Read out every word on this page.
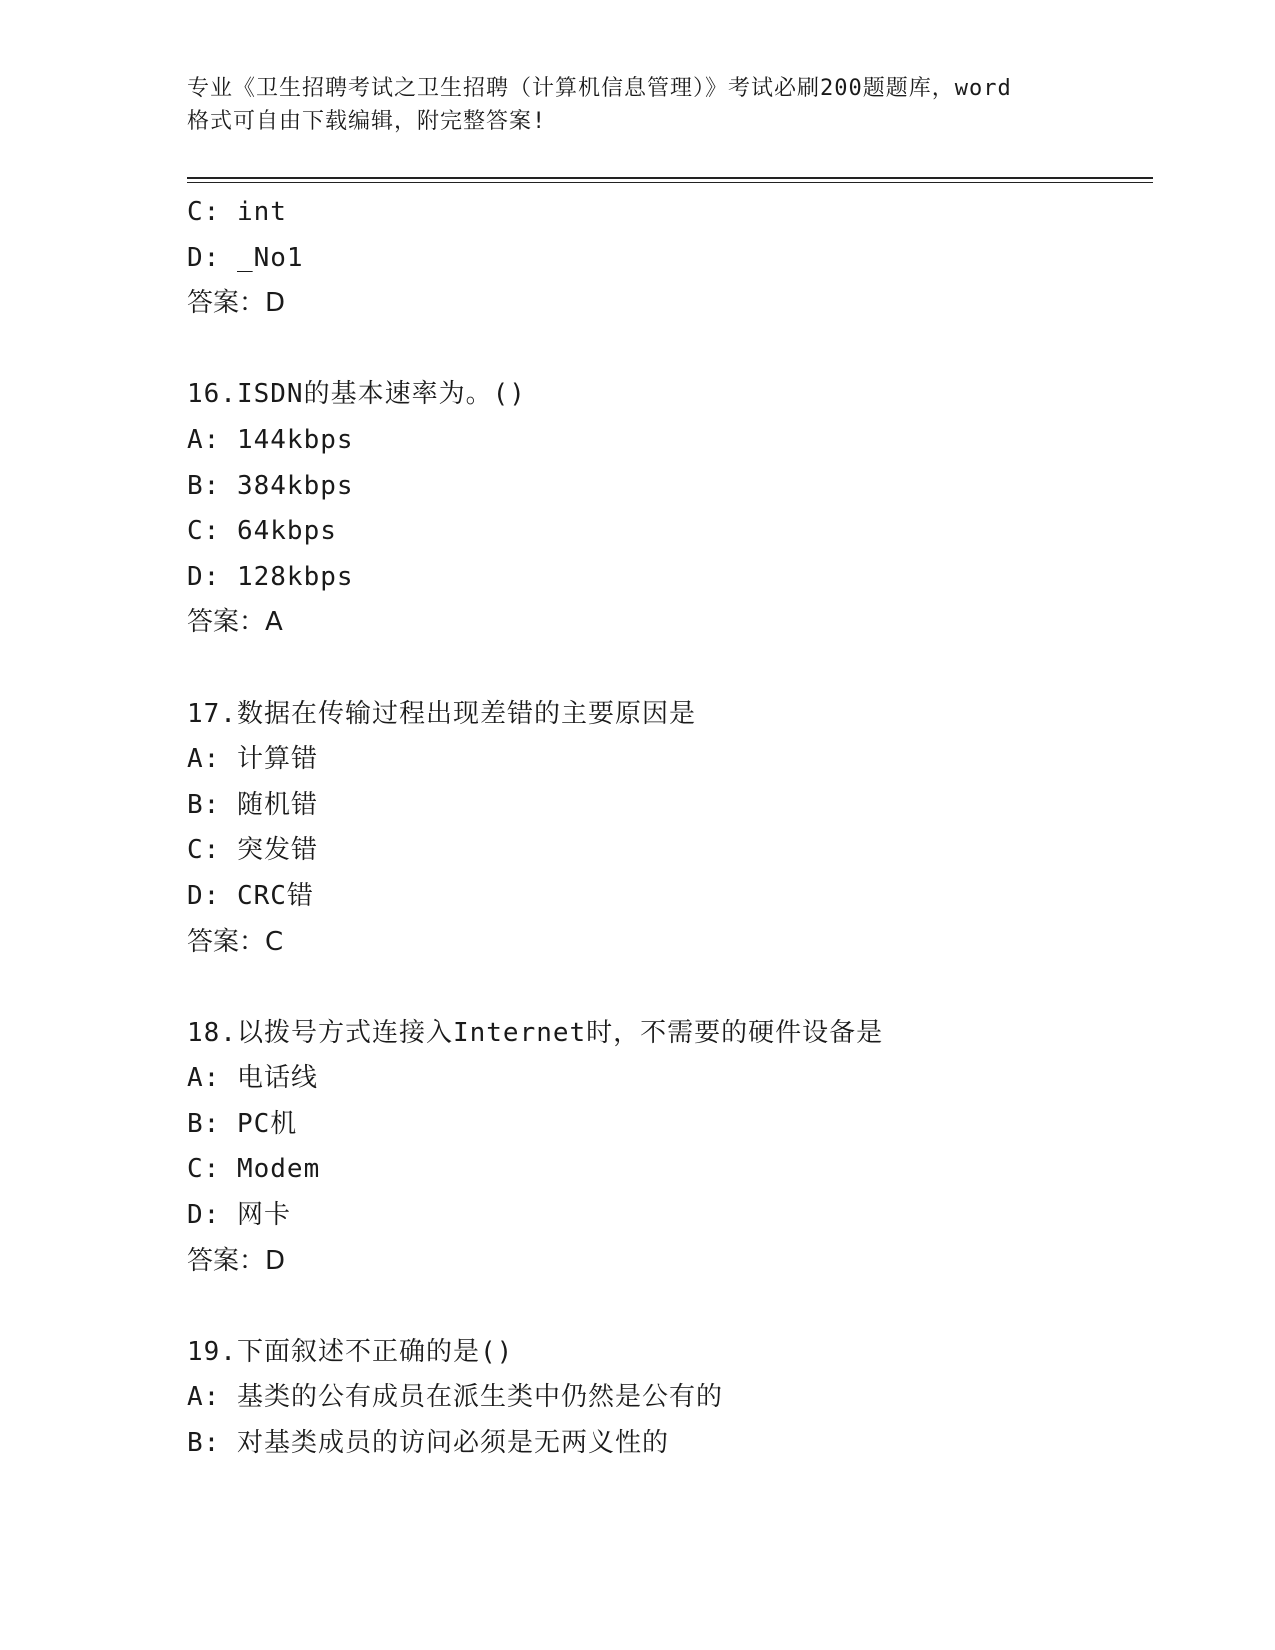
专业《卫生招聘考试之卫生招聘（计算机信息管理）》考试必刷200题题库，word
格式可自由下载编辑，附完整答案!
C: int
D: _No1
答案：D
16.ISDN的基本速率为。()
A: 144kbps
B: 384kbps
C: 64kbps
D: 128kbps
答案：A
17.数据在传输过程出现差错的主要原因是
A: 计算错
B: 随机错
C: 突发错
D: CRC错
答案：C
18.以拨号方式连接入Internet时，不需要的硬件设备是
A: 电话线
B: PC机
C: Modem
D: 网卡
答案：D
19.下面叙述不正确的是()
A: 基类的公有成员在派生类中仍然是公有的
B: 对基类成员的访问必须是无两义性的
